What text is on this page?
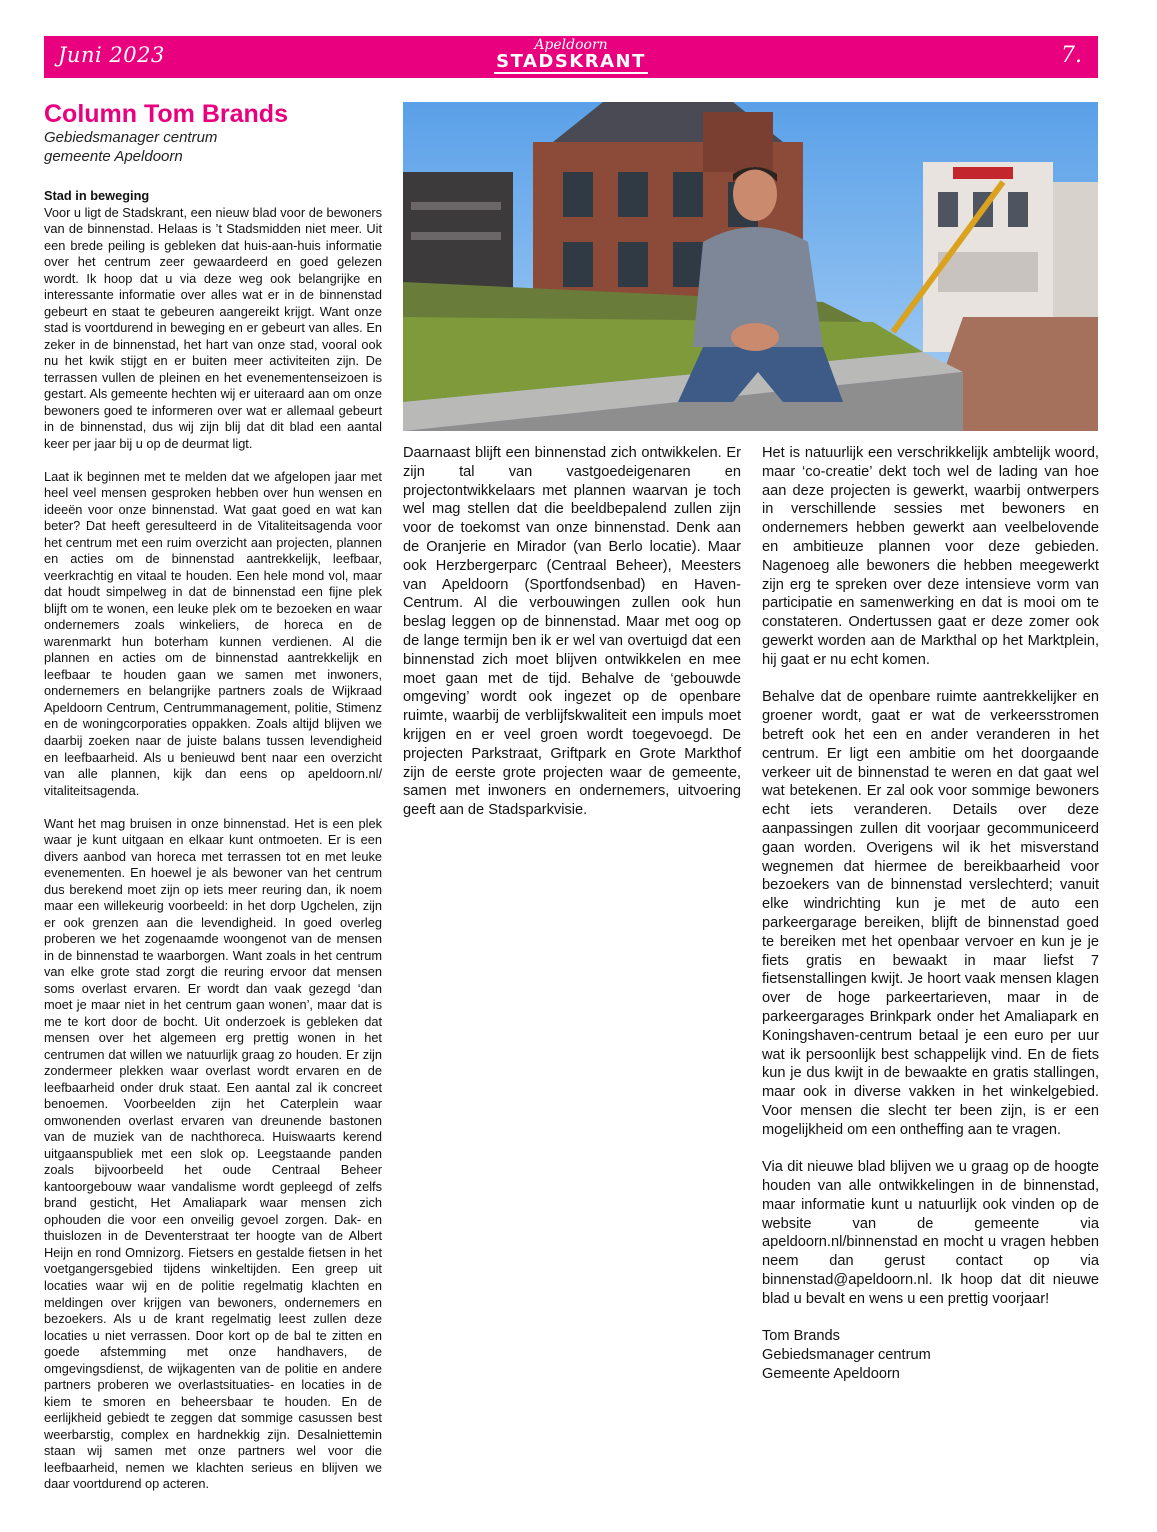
Juni 2023	Apeldoorn
STADSKRANT	7.
Column Tom Brands
Gebiedsmanager centrum
gemeente Apeldoorn
Stad in beweging

Voor u ligt de Stadskrant, een nieuw blad voor de bewoners van de binnenstad. Helaas is ’t Stadsmidden niet meer. Uit een brede peiling is gebleken dat huis-aan-huis informatie over het centrum zeer gewaardeerd en goed gelezen wordt. Ik hoop dat u via deze weg ook belangrijke en interessante informatie over alles wat er in de binnenstad gebeurt en staat te gebeuren aangereikt krijgt. Want onze stad is voortdurend in beweging en er gebeurt van alles. En zeker in de binnenstad, het hart van onze stad, vooral ook nu het kwik stijgt en er buiten meer activiteiten zijn. De terrassen vullen de pleinen en het evenementenseizoen is gestart. Als gemeente hechten wij er uiteraard aan om onze bewoners goed te informeren over wat er allemaal gebeurt in de binnenstad, dus wij zijn blij dat dit blad een aantal keer per jaar bij u op de deurmat ligt.

Laat ik beginnen met te melden dat we afgelopen jaar met heel veel mensen gesproken hebben over hun wensen en ideeën voor onze binnenstad. Wat gaat goed en wat kan beter? Dat heeft geresulteerd in de Vitaliteitsagenda voor het centrum met een ruim overzicht aan projecten, plannen en acties om de binnenstad aantrekkelijk, leefbaar, veerkrachtig en vitaal te houden. Een hele mond vol, maar dat houdt simpelweg in dat de binnenstad een fijne plek blijft om te wonen, een leuke plek om te bezoeken en waar ondernemers zoals winkeliers, de horeca en de warenmarkt hun boterham kunnen verdienen. Al die plannen en acties om de binnenstad aantrekkelijk en leefbaar te houden gaan we samen met inwoners, ondernemers en belangrijke partners zoals de Wijkraad Apeldoorn Centrum, Centrummanagement, politie, Stimenz en de woningcorporaties oppakken. Zoals altijd blijven we daarbij zoeken naar de juiste balans tussen levendigheid en leefbaarheid. Als u benieuwd bent naar een overzicht van alle plannen, kijk dan eens op apeldoorn.nl/ vitaliteitsagenda.

Want het mag bruisen in onze binnenstad. Het is een plek waar je kunt uitgaan en elkaar kunt ontmoeten. Er is een divers aanbod van horeca met terrassen tot en met leuke evenementen. En hoewel je als bewoner van het centrum dus berekend moet zijn op iets meer reuring dan, ik noem maar een willekeurig voorbeeld: in het dorp Ugchelen, zijn er ook grenzen aan die levendigheid. In goed overleg proberen we het zogenaamde woongenot van de mensen in de binnenstad te waarborgen. Want zoals in het centrum van elke grote stad zorgt die reuring ervoor dat mensen soms overlast ervaren. Er wordt dan vaak gezegd ‘dan moet je maar niet in het centrum gaan wonen’, maar dat is me te kort door de bocht. Uit onderzoek is gebleken dat mensen over het algemeen erg prettig wonen in het centrumen dat willen we natuurlijk graag zo houden. Er zijn zondermeer plekken waar overlast wordt ervaren en de leefbaarheid onder druk staat. Een aantal zal ik concreet benoemen. Voorbeelden zijn het Caterplein waar omwonenden overlast ervaren van dreunende bastonen van de muziek van de nachthoreca. Huiswaarts kerend uitgaanspubliek met een slok op. Leegstaande panden zoals bijvoorbeeld het oude Centraal Beheer kantoorgebouw waar vandalisme wordt gepleegd of zelfs brand gesticht, Het Amaliapark waar mensen zich ophouden die voor een onveilig gevoel zorgen. Dak- en thuislozen in de Deventerstraat ter hoogte van de Albert Heijn en rond Omnizorg. Fietsers en gestalde fietsen in het voetgangersgebied tijdens winkeltijden. Een greep uit locaties waar wij en de politie regelmatig klachten en meldingen over krijgen van bewoners, ondernemers en bezoekers. Als u de krant regelmatig leest zullen deze locaties u niet verrassen. Door kort op de bal te zitten en goede afstemming met onze handhavers, de omgevingsdienst, de wijkagenten van de politie en andere partners proberen we overlastsituaties- en locaties in de kiem te smoren en beheersbaar te houden. En de eerlijkheid gebiedt te zeggen dat sommige casussen best weerbarstig, complex en hardnekkig zijn. Desalniettemin staan wij samen met onze partners wel voor die leefbaarheid, nemen we klachten serieus en blijven we daar voortdurend op acteren.

Daarnaast blijft een binnenstad zich ontwikkelen. Er zijn tal van vastgoedeigenaren en projectontwikkelaars met plannen waarvan je toch wel mag stellen dat die beeldbepalend zullen zijn voor de toekomst van onze binnenstad. Denk aan de Oranjerie en Mirador (van Berlo locatie). Maar ook Herzbergerparc (Centraal Beheer), Meesters van Apeldoorn (Sportfondsenbad) en Haven-Centrum. Al die verbouwingen zullen ook hun beslag leggen op de binnenstad. Maar met oog op de lange termijn ben ik er wel van overtuigd dat een binnenstad zich moet blijven ontwikkelen en mee moet gaan met de tijd. Behalve de ‘gebouwde omgeving’ wordt ook ingezet op de openbare ruimte, waarbij de verblijfskwaliteit een impuls moet krijgen en er veel groen wordt toegevoegd. De projecten Parkstraat, Griftpark en Grote Markthof zijn de eerste grote projecten waar de gemeente, samen met inwoners en ondernemers, uitvoering geeft aan de Stadsparkvisie.

Het is natuurlijk een verschrikkelijk ambtelijk woord, maar ‘co-creatie’ dekt toch wel de lading van hoe aan deze projecten is gewerkt, waarbij ontwerpers in verschillende sessies met bewoners en ondernemers hebben gewerkt aan veelbelovende en ambitieuze plannen voor deze gebieden. Nagenoeg alle bewoners die hebben meegewerkt zijn erg te spreken over deze intensieve vorm van participatie en samenwerking en dat is mooi om te constateren. Ondertussen gaat er deze zomer ook gewerkt worden aan de Markthal op het Marktplein, hij gaat er nu echt komen.

Behalve dat de openbare ruimte aantrekkelijker en groener wordt, gaat er wat de verkeersstromen betreft ook het een en ander veranderen in het centrum. Er ligt een ambitie om het doorgaande verkeer uit de binnenstad te weren en dat gaat wel wat betekenen. Er zal ook voor sommige bewoners echt iets veranderen. Details over deze aanpassingen zullen dit voorjaar gecommuniceerd gaan worden. Overigens wil ik het misverstand wegnemen dat hiermee de bereikbaarheid voor bezoekers van de binnenstad verslechterd; vanuit elke windrichting kun je met de auto een parkeergarage bereiken, blijft de binnenstad goed te bereiken met het openbaar vervoer en kun je je fiets gratis en bewaakt in maar liefst 7 fietsenstallingen kwijt. Je hoort vaak mensen klagen over de hoge parkeertarieven, maar in de parkeergarages Brinkpark onder het Amaliapark en Koningshaven-centrum betaal je een euro per uur wat ik persoonlijk best schappelijk vind. En de fiets kun je dus kwijt in de bewaakte en gratis stallingen, maar ook in diverse vakken in het winkelgebied. Voor mensen die slecht ter been zijn, is er een mogelijkheid om een ontheffing aan te vragen.

Via dit nieuwe blad blijven we u graag op de hoogte houden van alle ontwikkelingen in de binnenstad, maar informatie kunt u natuurlijk ook vinden op de website van de gemeente via apeldoorn.nl/binnenstad en mocht u vragen hebben neem dan gerust contact op via binnenstad@apeldoorn.nl. Ik hoop dat dit nieuwe blad u bevalt en wens u een prettig voorjaar!

Tom Brands
Gebiedsmanager centrum
Gemeente Apeldoorn
